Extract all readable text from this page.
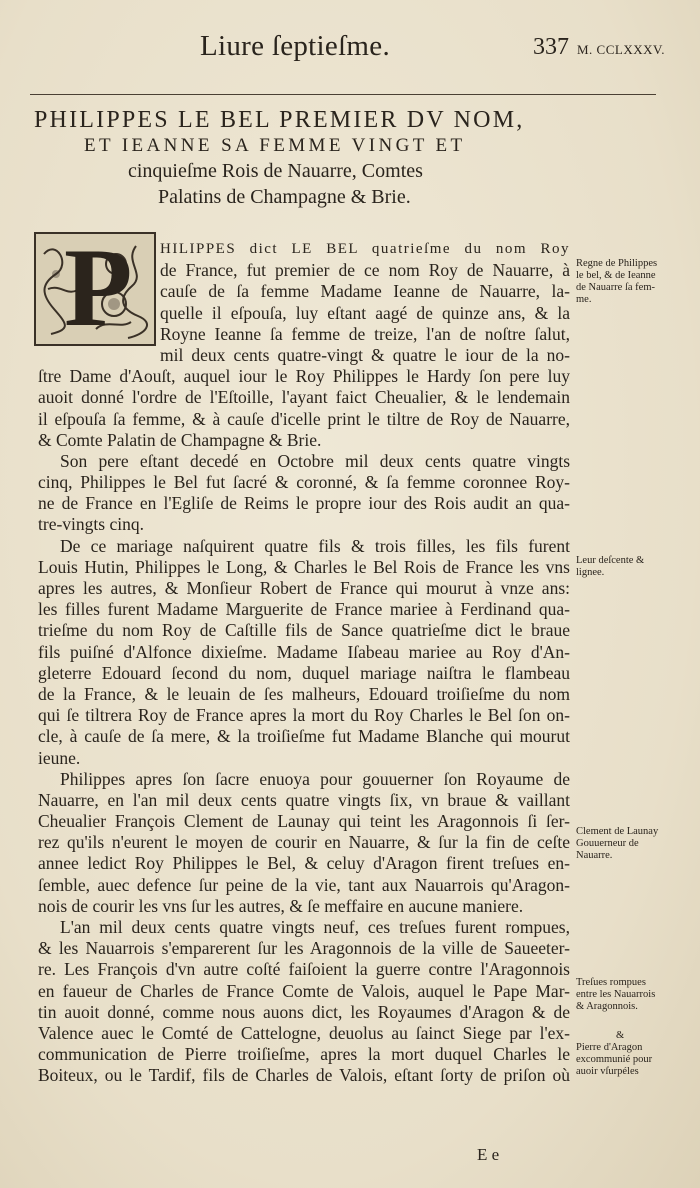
Liure ſeptieſme.	337 M. CCLXXXV.
PHILIPPES LE BEL PREMIER DV NOM,
ET IEANNE SA FEMME VINGT ET
cinquieſme Rois de Nauarre, Comtes
Palatins de Champagne & Brie.
P	HILIPPES dict LE BEL quatrieſme du nom Roy
de France, fut premier de ce nom Roy de Nauarre, à
cauſe de ſa femme Madame Ieanne de Nauarre, la-
quelle il eſpouſa, luy eſtant aagé de quinze ans, & la
Royne Ieanne ſa femme de treize, l'an de noſtre ſalut,
mil deux cents quatre-vingt & quatre le iour de la no-
ſtre Dame d'Aouſt, auquel iour le Roy Philippes le Hardy ſon pere luy
auoit donné l'ordre de l'Eſtoille, l'ayant faict Cheualier, & le lendemain
il eſpouſa ſa femme, & à cauſe d'icelle print le tiltre de Roy de Nauarre,
& Comte Palatin de Champagne & Brie.
Son pere eſtant decedé en Octobre mil deux cents quatre vingts
cinq, Philippes le Bel fut ſacré & coronné, & ſa femme coronnee Roy-
ne de France en l'Egliſe de Reims le propre iour des Rois audit an qua-
tre-vingts cinq.
De ce mariage naſquirent quatre fils & trois filles, les fils furent
Louis Hutin, Philippes le Long, & Charles le Bel Rois de France les vns
apres les autres, & Monſieur Robert de France qui mourut à vnze ans:
les filles furent Madame Marguerite de France mariee à Ferdinand qua-
trieſme du nom Roy de Caſtille fils de Sance quatrieſme dict le braue
fils puiſné d'Alfonce dixieſme. Madame Iſabeau mariee au Roy d'An-
gleterre Edouard ſecond du nom, duquel mariage naiſtra le flambeau
de la France, & le leuain de ſes malheurs, Edouard troiſieſme du nom
qui ſe tiltrera Roy de France apres la mort du Roy Charles le Bel ſon on-
cle, à cauſe de ſa mere, & la troiſieſme fut Madame Blanche qui mourut
ieune.
Philippes apres ſon ſacre enuoya pour gouuerner ſon Royaume de
Nauarre, en l'an mil deux cents quatre vingts ſix, vn braue & vaillant
Cheualier François Clement de Launay qui teint les Aragonnois ſi ſer-
rez qu'ils n'eurent le moyen de courir en Nauarre, & ſur la fin de ceſte
annee ledict Roy Philippes le Bel, & celuy d'Aragon firent treſues en-
ſemble, auec defence ſur peine de la vie, tant aux Nauarrois qu'Aragon-
nois de courir les vns ſur les autres, & ſe meffaire en aucune maniere.
L'an mil deux cents quatre vingts neuf, ces treſues furent rompues,
& les Nauarrois s'emparerent ſur les Aragonnois de la ville de Saueeter-
re. Les François d'vn autre coſté faiſoient la guerre contre l'Aragonnois
en faueur de Charles de France Comte de Valois, auquel le Pape Mar-
tin auoit donné, comme nous auons dict, les Royaumes d'Aragon & de
Valence auec le Comté de Cattelogne, deuolus au ſainct Siege par l'ex-
communication de Pierre troiſieſme, apres la mort duquel Charles le
Boiteux, ou le Tardif, fils de Charles de Valois, eſtant ſorty de priſon où
Regne de Philippes
le bel, & de Ieanne
de Nauarre ſa fem-
me.
Leur deſcente &
lignee.
Clement de Launay
Gouuerneur de
Nauarre.
Treſues rompues
entre les Nauarrois
& Aragonnois.
&
Pierre d'Aragon
excommunié pour
auoir vſurpéles
E e
